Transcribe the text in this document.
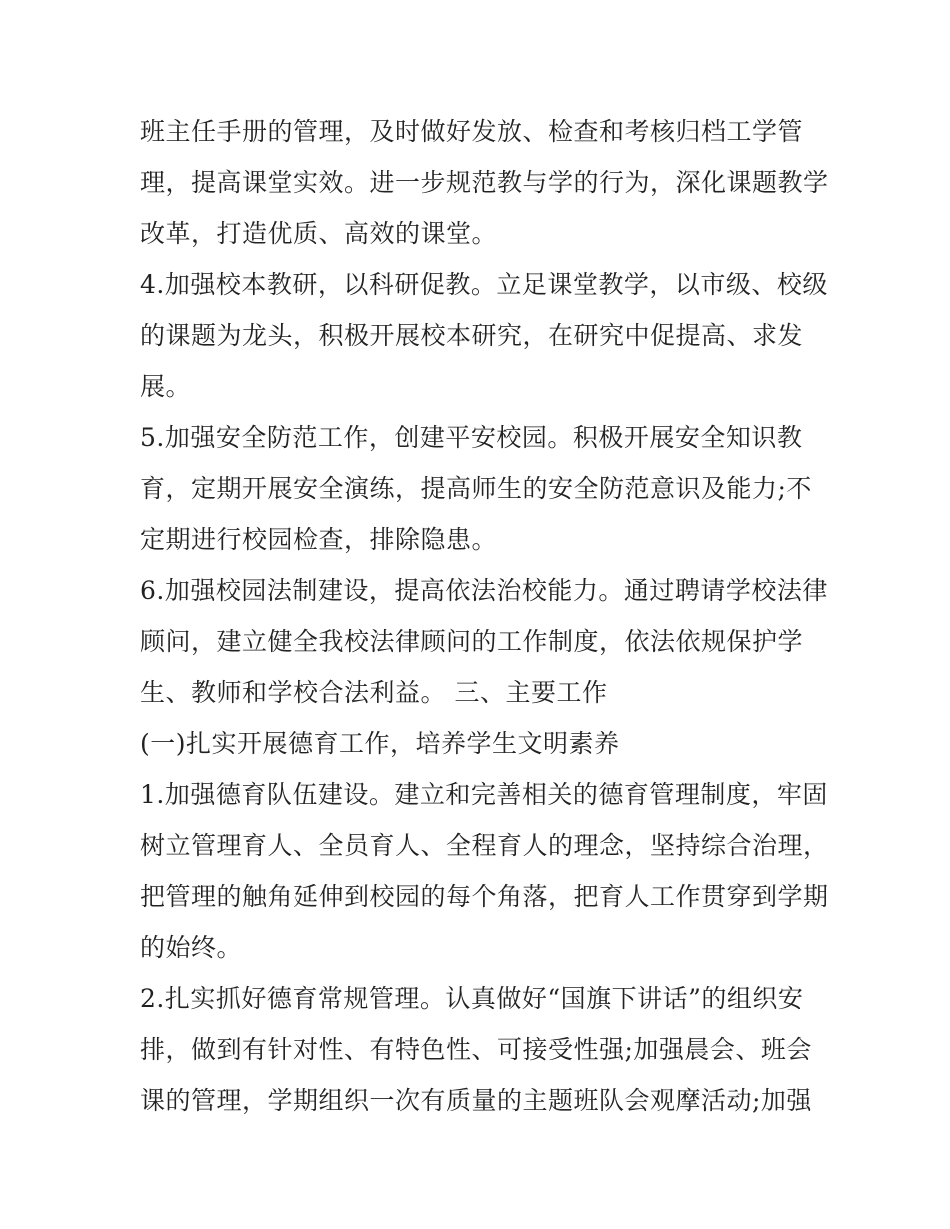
班主任手册的管理，及时做好发放、检查和考核归档工学管
理，提高课堂实效。进一步规范教与学的行为，深化课题教学
改革，打造优质、高效的课堂。
4.加强校本教研，以科研促教。立足课堂教学，以市级、校级
的课题为龙头，积极开展校本研究，在研究中促提高、求发
展。
5.加强安全防范工作，创建平安校园。积极开展安全知识教
育，定期开展安全演练，提高师生的安全防范意识及能力;不
定期进行校园检查，排除隐患。
6.加强校园法制建设，提高依法治校能力。通过聘请学校法律
顾问，建立健全我校法律顾问的工作制度，依法依规保护学
生、教师和学校合法利益。 三、主要工作
(一)扎实开展德育工作，培养学生文明素养
1.加强德育队伍建设。建立和完善相关的德育管理制度，牢固
树立管理育人、全员育人、全程育人的理念，坚持综合治理，
把管理的触角延伸到校园的每个角落，把育人工作贯穿到学期
的始终。
2.扎实抓好德育常规管理。认真做好“国旗下讲话”的组织安
排，做到有针对性、有特色性、可接受性强;加强晨会、班会
课的管理，学期组织一次有质量的主题班队会观摩活动;加强
